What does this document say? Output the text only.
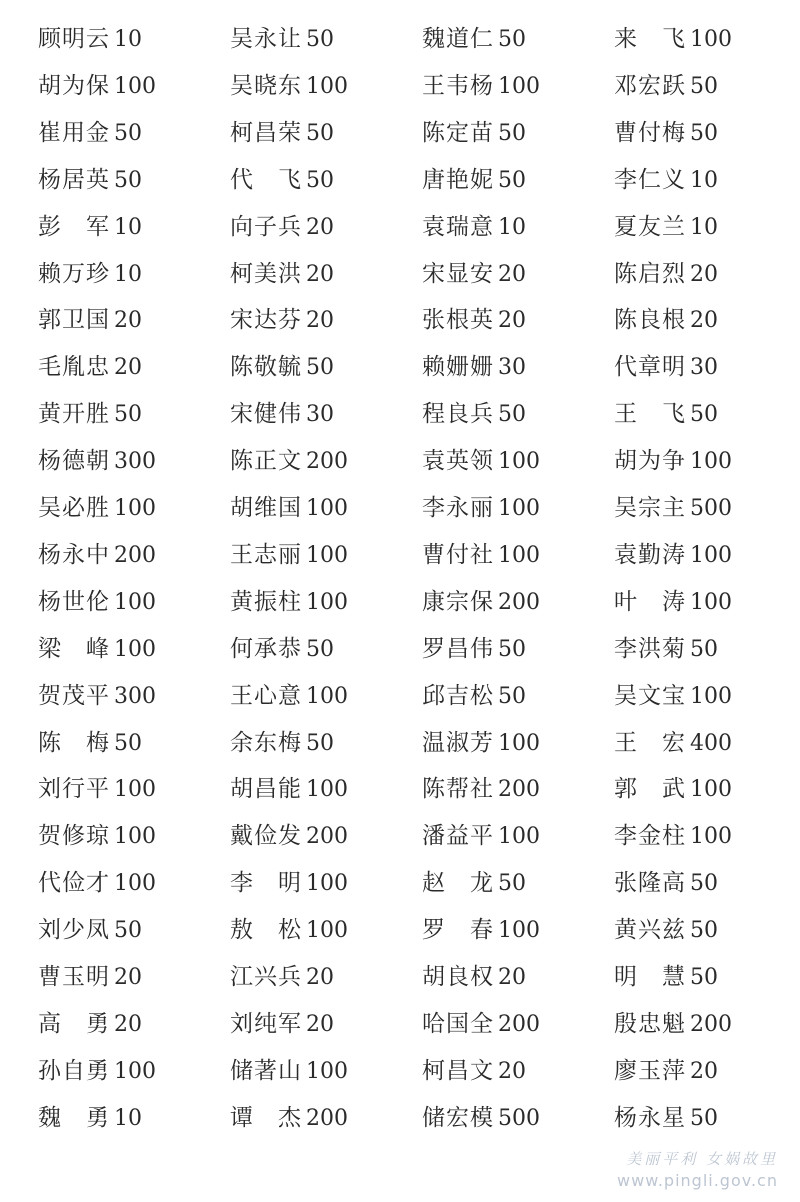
顾明云 10	吴永让 50	魏道仁 50	来　飞 100
胡为保 100	吴晓东 100	王韦杨 100	邓宏跃 50
崔用金 50	柯昌荣 50	陈定苗 50	曹付梅 50
杨居英 50	代　飞 50	唐艳妮 50	李仁义 10
彭　军 10	向子兵 20	袁瑞意 10	夏友兰 10
赖万珍 10	柯美洪 20	宋显安 20	陈启烈 20
郭卫国 20	宋达芬 20	张根英 20	陈良根 20
毛胤忠 20	陈敬毓 50	赖姗姗 30	代章明 30
黄开胜 50	宋健伟 30	程良兵 50	王　飞 50
杨德朝 300	陈正文 200	袁英领 100	胡为争 100
吴必胜 100	胡维国 100	李永丽 100	吴宗主 500
杨永中 200	王志丽 100	曹付社 100	袁勤涛 100
杨世伦 100	黄振柱 100	康宗保 200	叶　涛 100
梁　峰 100	何承恭 50	罗昌伟 50	李洪菊 50
贺茂平 300	王心意 100	邱吉松 50	吴文宝 100
陈　梅 50	余东梅 50	温淑芳 100	王　宏 400
刘行平 100	胡昌能 100	陈帮社 200	郭　武 100
贺修琼 100	戴俭发 200	潘益平 100	李金柱 100
代俭才 100	李　明 100	赵　龙 50	张隆高 50
刘少凤 50	敖　松 100	罗　春 100	黄兴兹 50
曹玉明 20	江兴兵 20	胡良权 20	明　慧 50
高　勇 20	刘纯军 20	哈国全 200	殷忠魁 200
孙自勇 100	储著山 100	柯昌文 20	廖玉萍 20
魏　勇 10	谭　杰 200	储宏模 500	杨永星 50
美丽平利 女娲故里
www.pingli.gov.cn
